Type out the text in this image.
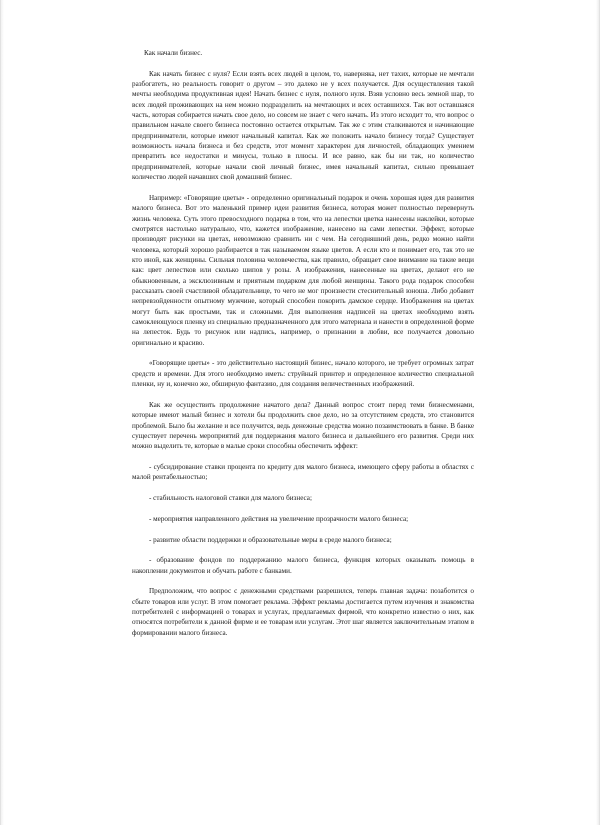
Как начали бизнес.

Как начать бизнес с нуля? Если взять всех людей в целом, то, наверняка, нет тахих, которые не мечтали разбогатеть, но реальность говорит о другом – это далеко не у всех получается. Для осуществления такой мечты необходима продуктивная идея! Начать бизнес с нуля, полного нуля. Взяв условно весь земной шар, то всех людей проживающих на нем можно подразделить на мечтающих и всех оставшихся. Так вот оставшаяся часть, которая собирается начать свое дело, но совсем не знает с чего начать. Из этого исходит то, что вопрос о правильном начале своего бизнеса постоянно остается открытым. Так же с этим сталкиваются и начинающие предприниматели, которые имеют начальный капитал. Как же положить начало бизнесу тогда? Существует возможность начала бизнеса и без средств, этот момент характерен для личностей, обладающих умением превратить все недостатки и минусы, только в плюсы. И все равно, как бы ни так, но количество предпринимателей, которые начали свой личный бизнес, имея начальный капитал, сильно превышает количество людей начавших свой домашний бизнес.

Например: «Говорящие цветы» - определенно оригинальный подарок и очень хорошая идея для развития малого бизнеса. Вот это маленький пример идеи развития бизнеса, которая может полностью перевернуть жизнь человека. Суть этого превосходного подарка в том, что на лепестки цветка нанесены наклейки, которые смотрятся настолько натурально, что, кажется изображение, нанесено на сами лепестки. Эффект, которые производят рисунки на цветах, невозможно сравнить ни с чем. На сегодняшний день, редко можно найти человека, который хорошо разбирается в так называемом языке цветов. А если кто и понимает его, так это не кто иной, как женщины. Сильная половина человечества, как правило, обращает свое внимание на такие вещи как: цвет лепестков или сколько шипов у розы. А изображения, нанесенные на цветах, делают его не обыкновенным, а эксклюзивным и приятным подарком для любой женщины. Такого рода подарок способен рассказать своей счастливой обладательнице, то чего не мог произнести стеснительный юноша. Либо добавит непревзойденности опытному мужчине, который способен покорить дамское сердце. Изображения на цветах могут быть как простыми, так и сложными. Для выполнения надписей на цветах необходимо взять самоклеющуюся пленку из специально предназначенного для этого материала и нанести в определенной форме на лепесток. Будь то рисунок или надпись, например, о признании в любви, все получается довольно оригинально и красиво.

«Говорящие цветы» - это действительно настоящий бизнес, начало которого, не требует огромных затрат средств и времени. Для этого необходимо иметь: струйный принтер и определенное количество специальной пленки, ну и, конечно же, обширную фантазию, для создания величественных изображений.

Как же осуществить продолжение начатого дела? Данный вопрос стоит перед теми бизнесменами, которые имеют малый бизнес и хотели бы продолжить свое дело, но за отсутствием средств, это становится проблемой. Было бы желание и все получится, ведь денежные средства можно позаимствовать в банке. В банке существует перечень мероприятий для поддержания малого бизнеса и дальнейшего его развития. Среди них можно выделить те, которые в малые сроки способны обеспечить эффект:

- субсидирование ставки процента по кредиту для малого бизнеса, имеющего сферу работы в областях с малой рентабельностью;

- стабильность налоговой ставки для малого бизнеса;

- мероприятия направленного действия на увеличение прозрачности малого бизнеса;

- развитие области поддержки и образовательные меры в среде малого бизнеса;

- образование фондов по поддержанию малого бизнеса, функция которых оказывать помощь в накоплении документов и обучать работе с банками.

Предположим, что вопрос с денежными средствами разрешился, теперь главная задача: позаботится о сбыте товаров или услуг. В этом помогает реклама. Эффект рекламы достигается путем изучения и знакомства потребителей с информацией о товарах и услугах, предлагаемых фирмой, что конкретно известно о них, как относятся потребители к данной фирме и ее товарам или услугам. Этот шаг является заключительным этапом в формировании малого бизнеса.
